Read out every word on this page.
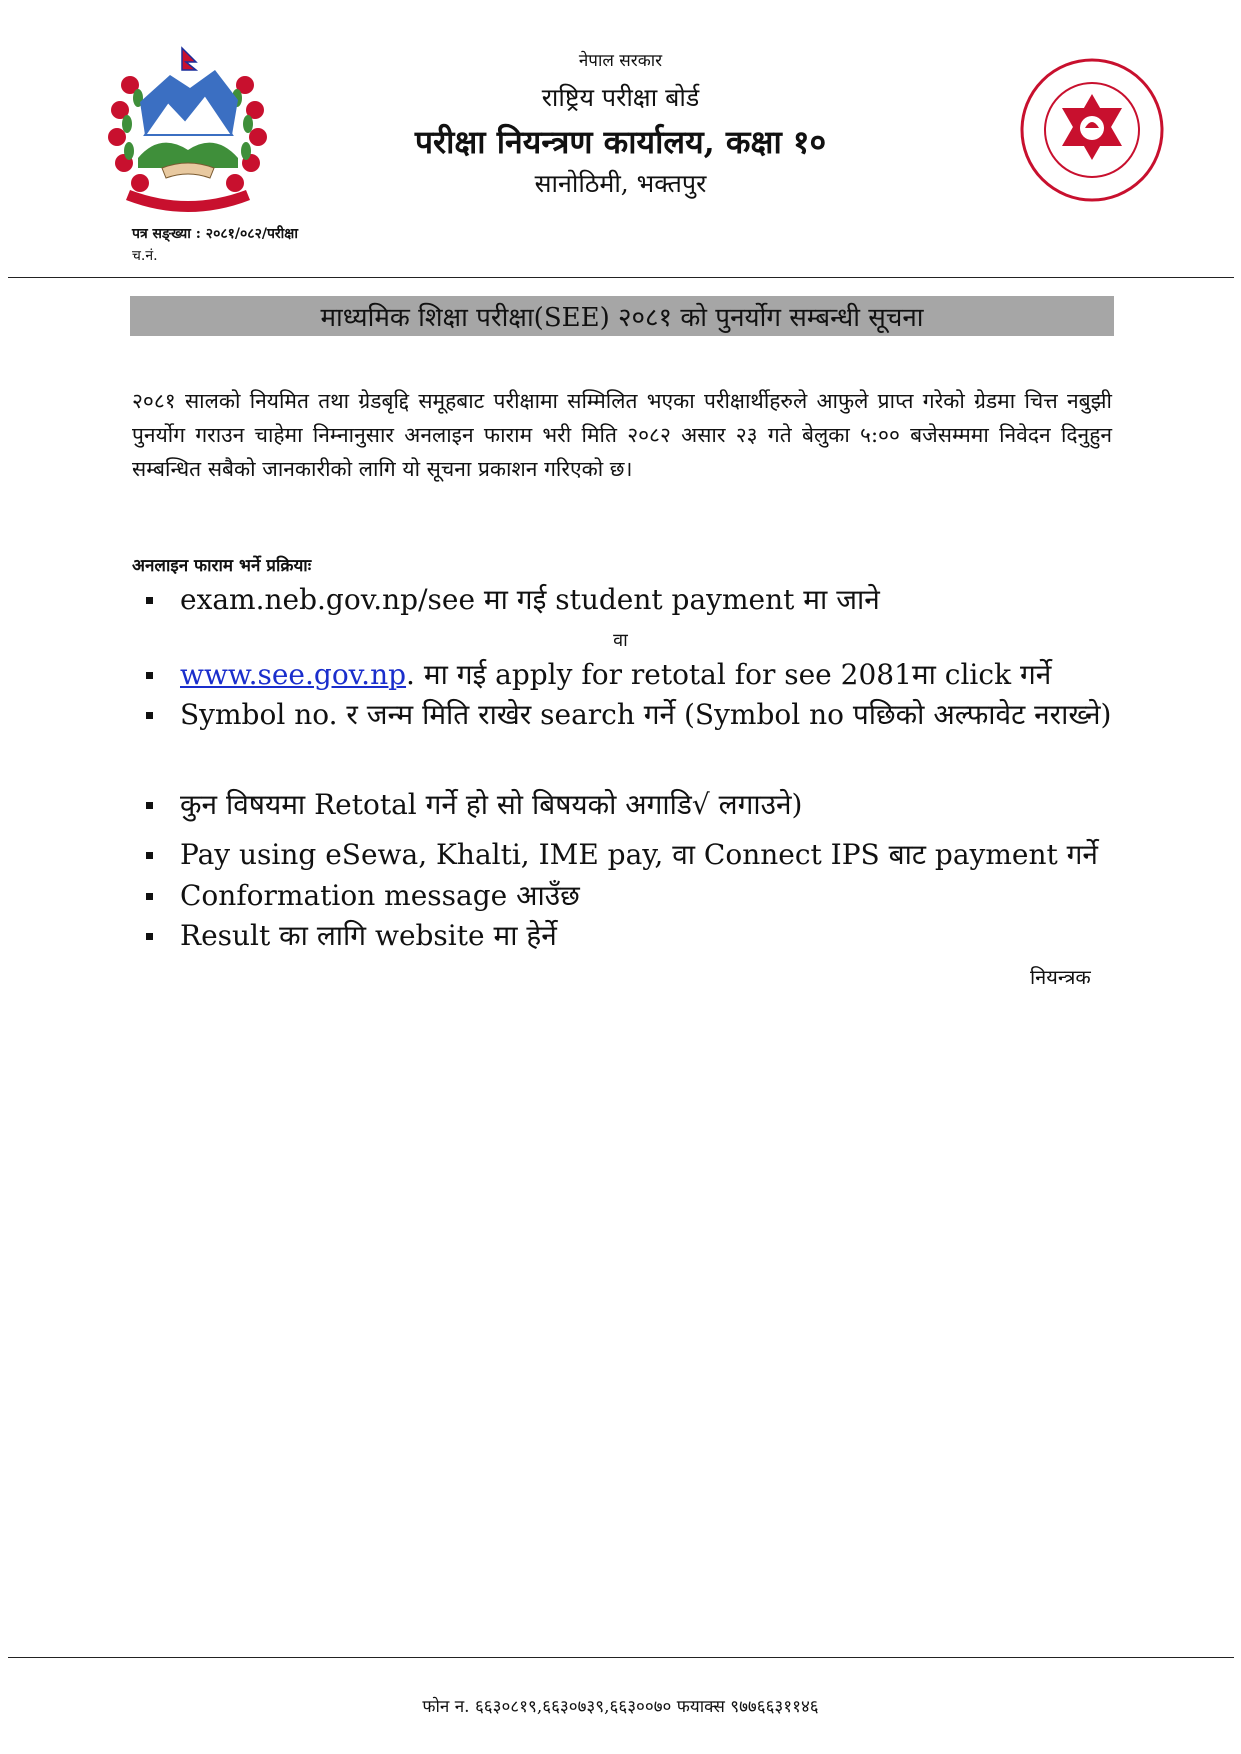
नेपाल सरकार
राष्ट्रिय परीक्षा बोर्ड
परीक्षा नियन्त्रण कार्यालय, कक्षा १०
सानोठिमी, भक्तपुर
पत्र सङ्ख्या : २०८१/०८२/परीक्षा
च.नं.
माध्यमिक शिक्षा परीक्षा(SEE) २०८१ को पुनर्योग सम्बन्धी सूचना
२०८१ सालको नियमित तथा ग्रेडबृद्दि समूहबाट परीक्षामा सम्मिलित भएका परीक्षार्थीहरुले आफुले प्राप्त गरेको ग्रेडमा चित्त नबुझी पुनर्योग गराउन चाहेमा निम्नानुसार अनलाइन फाराम भरी मिति २०८२ असार २३ गते बेलुका ५:०० बजेसम्ममा निवेदन दिनुहुन सम्बन्धित सबैको जानकारीको लागि यो सूचना प्रकाशन गरिएको छ।
अनलाइन फाराम भर्ने प्रक्रियाः
exam.neb.gov.np/see मा गई student payment मा जाने
वा
www.see.gov.np. मा गई apply for retotal for see 2081मा click गर्ने
Symbol no. र जन्म मिति राखेर search गर्ने (Symbol no पछिको अल्फावेट नराख्ने)
कुन विषयमा Retotal गर्ने हो सो बिषयको अगाडि√ लगाउने)
Pay using eSewa, Khalti, IME pay, वा Connect IPS बाट payment गर्ने
Conformation message आउँछ
Result का लागि website मा हेर्ने
नियन्त्रक
फोन न. ६६३०८१९,६६३०७३९,६६३००७० फयाक्स ९७७६६३११४६
